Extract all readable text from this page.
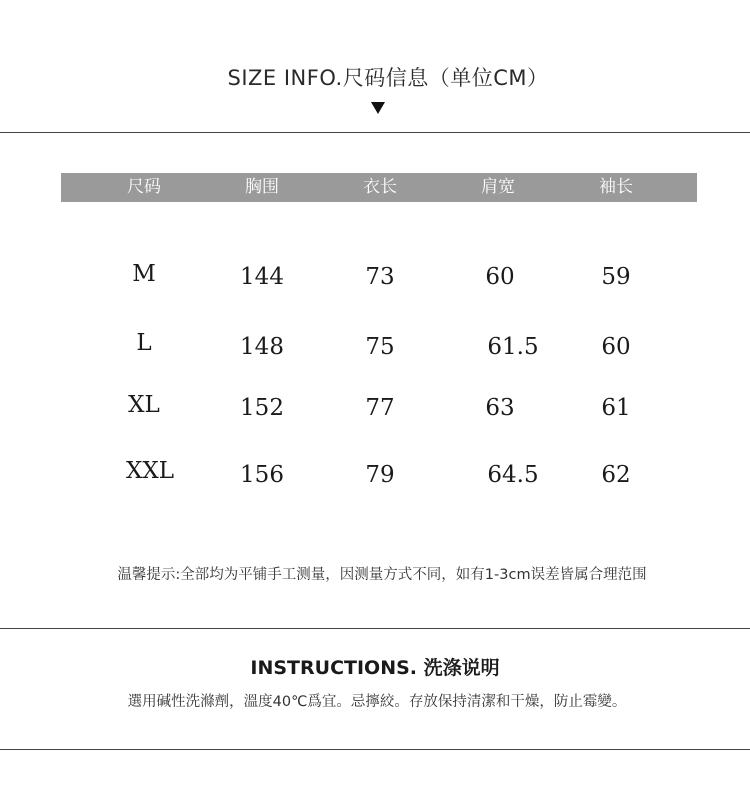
SIZE INFO.尺码信息（单位CM）
尺码	胸围	衣长	肩宽	袖长
M	144	73	60	59
L	148	75	61.5	60
XL	152	77	63	61
XXL	156	79	64.5	62
温馨提示:全部均为平铺手工测量，因测量方式不同，如有1-3cm误差皆属合理范围
INSTRUCTIONS. 洗涤说明
選用碱性洗滌劑，溫度40℃爲宜。忌擰絞。存放保持清潔和干燥，防止霉變。
